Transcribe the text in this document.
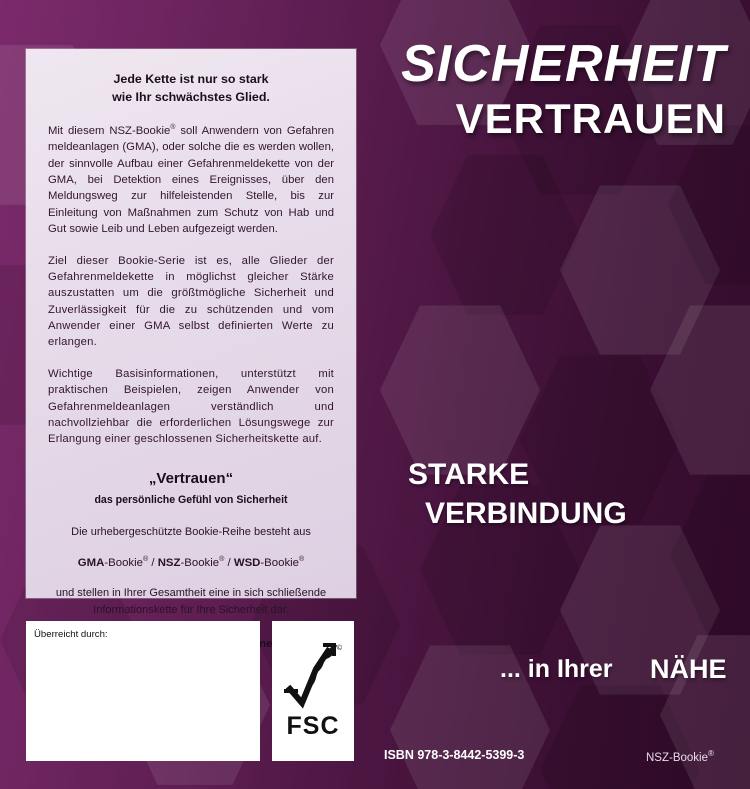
Jede Kette ist nur so stark
wie Ihr schwächstes Glied.

Mit diesem NSZ-Bookie® soll Anwendern von Gefahren meldeanlagen (GMA), oder solche die es werden wollen, der sinnvolle Aufbau einer Gefahrenmeldekette von der GMA, bei Detektion eines Ereignisses, über den Meldungsweg zur hilfeleistenden Stelle, bis zur Einleitung von Maßnahmen zum Schutz von Hab und Gut sowie Leib und Leben aufgezeigt werden.

Ziel dieser Bookie-Serie ist es, alle Glieder der Gefahrenmeldekette in möglichst gleicher Stärke auszustatten um die größtmögliche Sicherheit und Zuverlässigkeit für die zu schützenden und vom Anwender einer GMA selbst definierten Werte zu erlangen.

Wichtige Basisinformationen, unterstützt mit praktischen Beispielen, zeigen Anwender von Gefahrenmeldeanlagen verständlich und nachvollziehbar die erforderlichen Lösungswege zur Erlangung einer geschlossenen Sicherheitskette auf.

„Vertrauen“
das persönliche Gefühl von Sicherheit
Die urhebergeschützte Bookie-Reihe besteht aus
GMA-Bookie® / NSZ-Bookie® / WSD-Bookie®
und stellen in Ihrer Gesamtheit eine in sich schließende
Informationskette für Ihre Sicherheit dar.
seiner
Überreicht durch:
©
FSC
SICHERHEIT
VERTRAUEN
STARKE
VERBINDUNG
... in Ihrer NÄHE
ISBN 978-3-8442-5399-3	NSZ-Bookie®
